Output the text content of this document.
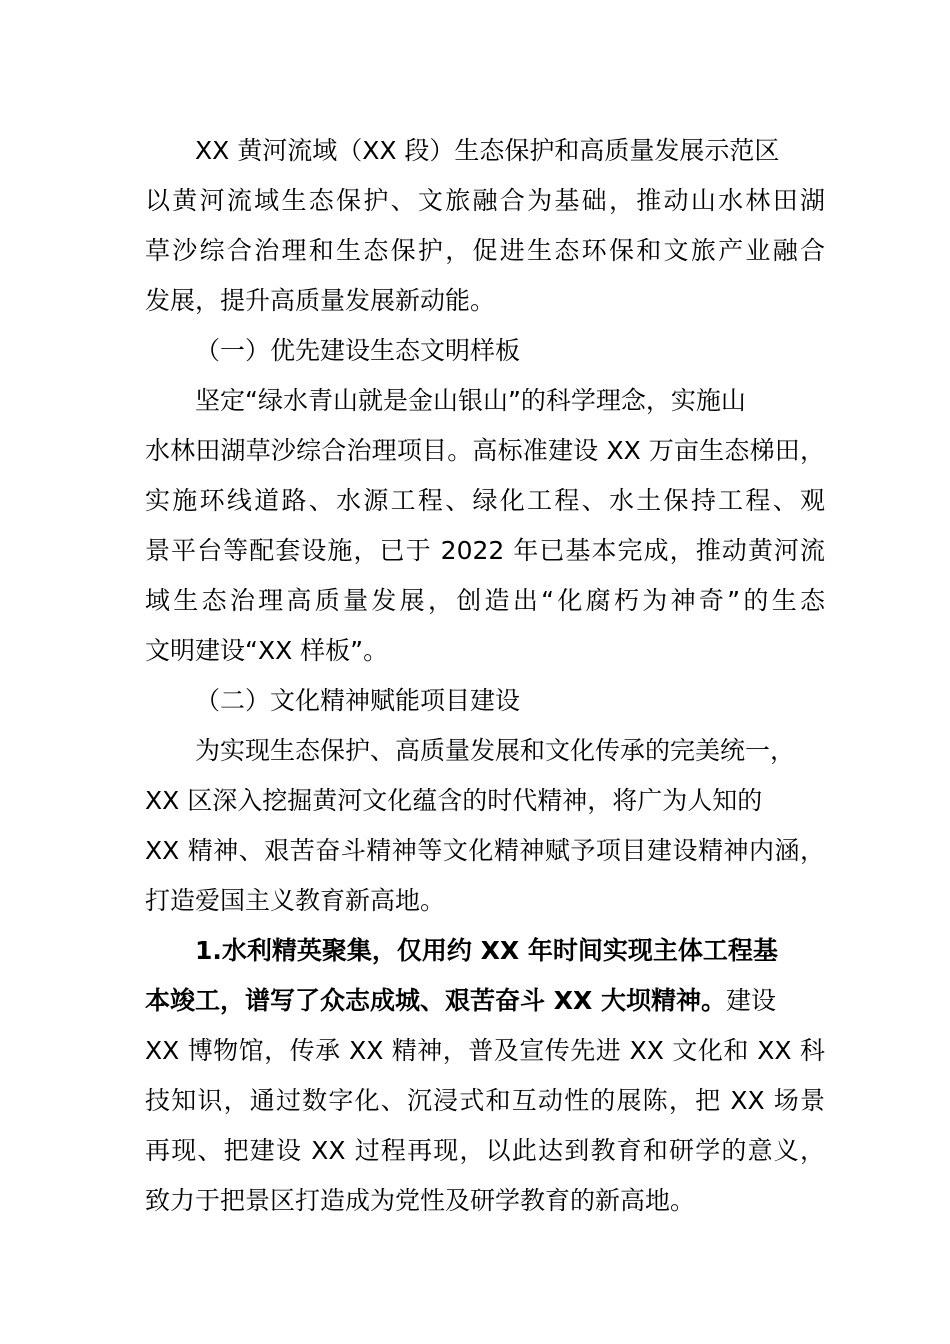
XX 黄河流域（XX 段）生态保护和高质量发展示范区
以黄河流域生态保护、文旅融合为基础，推动山水林田湖
草沙综合治理和生态保护，促进生态环保和文旅产业融合
发展，提升高质量发展新动能。
（一）优先建设生态文明样板
坚定“绿水青山就是金山银山”的科学理念，实施山
水林田湖草沙综合治理项目。高标准建设 XX 万亩生态梯田，
实施环线道路、水源工程、绿化工程、水土保持工程、观
景平台等配套设施，已于 2022 年已基本完成，推动黄河流
域生态治理高质量发展，创造出“化腐朽为神奇”的生态
文明建设“XX 样板”。
（二）文化精神赋能项目建设
为实现生态保护、高质量发展和文化传承的完美统一，
XX 区深入挖掘黄河文化蕴含的时代精神，将广为人知的
XX 精神、艰苦奋斗精神等文化精神赋予项目建设精神内涵，
打造爱国主义教育新高地。
1.水利精英聚集，仅用约 XX 年时间实现主体工程基
本竣工，谱写了众志成城、艰苦奋斗 XX 大坝精神。建设
XX 博物馆，传承 XX 精神，普及宣传先进 XX 文化和 XX 科
技知识，通过数字化、沉浸式和互动性的展陈，把 XX 场景
再现、把建设 XX 过程再现，以此达到教育和研学的意义，
致力于把景区打造成为党性及研学教育的新高地。
